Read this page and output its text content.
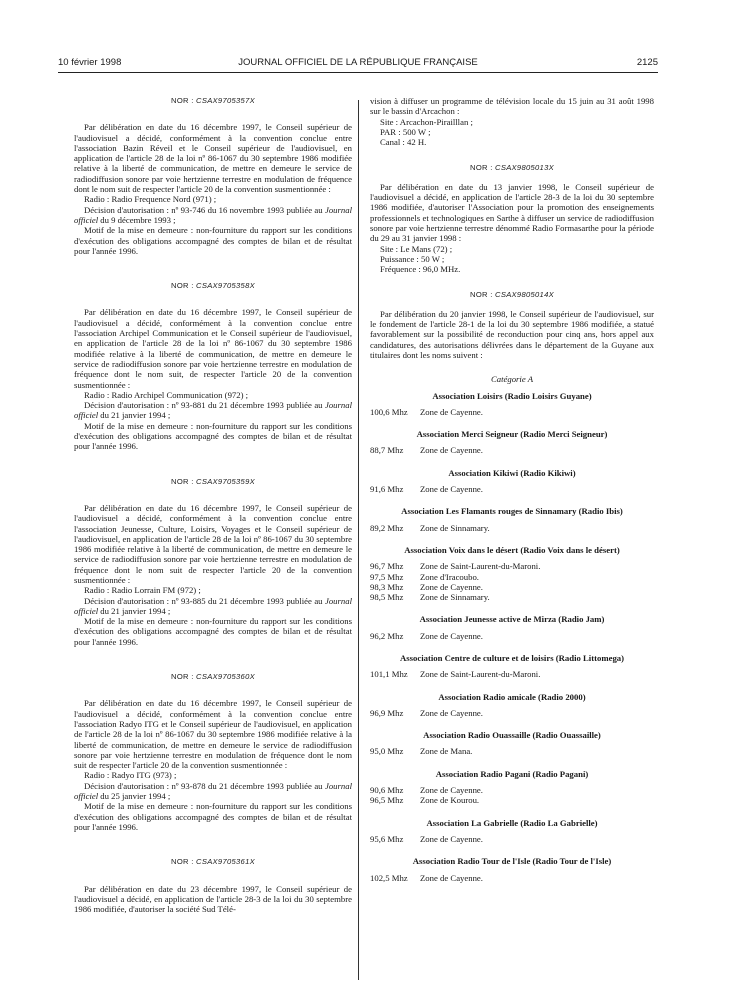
10 février 1998	JOURNAL OFFICIEL DE LA RÉPUBLIQUE FRANÇAISE	2125

NOR : CSAX9705357X

Par délibération en date du 16 décembre 1997, le Conseil supérieur de l'audiovisuel a décidé, conformément à la convention conclue entre l'association Bazin Réveil et le Conseil supérieur de l'audiovisuel, en application de l'article 28 de la loi nº 86-1067 du 30 septembre 1986 modifiée relative à la liberté de communication, de mettre en demeure le service de radiodiffusion sonore par voie hertzienne terrestre en modulation de fréquence dont le nom suit de respecter l'article 20 de la convention susmentionnée :

Radio : Radio Frequence Nord (971) ;

Décision d'autorisation : nº 93-746 du 16 novembre 1993 publiée au Journal officiel du 9 décembre 1993 ;

Motif de la mise en demeure : non-fourniture du rapport sur les conditions d'exécution des obligations accompagné des comptes de bilan et de résultat pour l'année 1996.

NOR : CSAX9705358X

Par délibération en date du 16 décembre 1997, le Conseil supérieur de l'audiovisuel a décidé, conformément à la convention conclue entre l'association Archipel Communication et le Conseil supérieur de l'audiovisuel, en application de l'article 28 de la loi nº 86-1067 du 30 septembre 1986 modifiée relative à la liberté de communication, de mettre en demeure le service de radiodiffusion sonore par voie hertzienne terrestre en modulation de fréquence dont le nom suit, de respecter l'article 20 de la convention susmentionnée :

Radio : Radio Archipel Communication (972) ;

Décision d'autorisation : nº 93-881 du 21 décembre 1993 publiée au Journal officiel du 21 janvier 1994 ;

Motif de la mise en demeure : non-fourniture du rapport sur les conditions d'exécution des obligations accompagné des comptes de bilan et de résultat pour l'année 1996.

NOR : CSAX9705359X

Par délibération en date du 16 décembre 1997, le Conseil supérieur de l'audiovisuel a décidé, conformément à la convention conclue entre l'association Jeunesse, Culture, Loisirs, Voyages et le Conseil supérieur de l'audiovisuel, en application de l'article 28 de la loi nº 86-1067 du 30 septembre 1986 modifiée relative à la liberté de communication, de mettre en demeure le service de radiodiffusion sonore par voie hertzienne terrestre en modulation de fréquence dont le nom suit de respecter l'article 20 de la convention susmentionnée :

Radio : Radio Lorrain FM (972) ;

Décision d'autorisation : nº 93-885 du 21 décembre 1993 publiée au Journal officiel du 21 janvier 1994 ;

Motif de la mise en demeure : non-fourniture du rapport sur les conditions d'exécution des obligations accompagné des comptes de bilan et de résultat pour l'année 1996.

NOR : CSAX9705360X

Par délibération en date du 16 décembre 1997, le Conseil supérieur de l'audiovisuel a décidé, conformément à la convention conclue entre l'association Radyo ITG et le Conseil supérieur de l'audiovisuel, en application de l'article 28 de la loi nº 86-1067 du 30 septembre 1986 modifiée relative à la liberté de communication, de mettre en demeure le service de radiodiffusion sonore par voie hertzienne terrestre en modulation de fréquence dont le nom suit de respecter l'article 20 de la convention susmentionnée :

Radio : Radyo ITG (973) ;

Décision d'autorisation : nº 93-878 du 21 décembre 1993 publiée au Journal officiel du 25 janvier 1994 ;

Motif de la mise en demeure : non-fourniture du rapport sur les conditions d'exécution des obligations accompagné des comptes de bilan et de résultat pour l'année 1996.

NOR : CSAX9705361X

Par délibération en date du 23 décembre 1997, le Conseil supérieur de l'audiovisuel a décidé, en application de l'article 28-3 de la loi du 30 septembre 1986 modifiée, d'autoriser la société Sud Télé-

vision à diffuser un programme de télévision locale du 15 juin au 31 août 1998 sur le bassin d'Arcachon :

Site : Arcachon-Pirailllan ;

PAR : 500 W ;

Canal : 42 H.

NOR : CSAX9805013X

Par délibération en date du 13 janvier 1998, le Conseil supérieur de l'audiovisuel a décidé, en application de l'article 28-3 de la loi du 30 septembre 1986 modifiée, d'autoriser l'Association pour la promotion des enseignements professionnels et technologiques en Sarthe à diffuser un service de radiodiffusion sonore par voie hertzienne terrestre dénommé Radio Formasarthe pour la période du 29 au 31 janvier 1998 :

Site : Le Mans (72) ;

Puissance : 50 W ;

Fréquence : 96,0 MHz.

NOR : CSAX9805014X

Par délibération du 20 janvier 1998, le Conseil supérieur de l'audiovisuel, sur le fondement de l'article 28-1 de la loi du 30 septembre 1986 modifiée, a statué favorablement sur la possibilité de reconduction pour cinq ans, hors appel aux candidatures, des autorisations délivrées dans le département de la Guyane aux titulaires dont les noms suivent :

Catégorie A

Association Loisirs (Radio Loisirs Guyane)

100,6 Mhz	Zone de Cayenne.

Association Merci Seigneur (Radio Merci Seigneur)

88,7 Mhz	Zone de Cayenne.

Association Kikiwi (Radio Kikiwi)

91,6 Mhz	Zone de Cayenne.

Association Les Flamants rouges de Sinnamary (Radio Ibis)

89,2 Mhz	Zone de Sinnamary.

Association Voix dans le désert (Radio Voix dans le désert)

96,7 Mhz	Zone de Saint-Laurent-du-Maroni.
97,5 Mhz	Zone d'Iracoubo.
98,3 Mhz	Zone de Cayenne.
98,5 Mhz	Zone de Sinnamary.

Association Jeunesse active de Mirza (Radio Jam)

96,2 Mhz	Zone de Cayenne.

Association Centre de culture et de loisirs (Radio Littomega)

101,1 Mhz	Zone de Saint-Laurent-du-Maroni.

Association Radio amicale (Radio 2000)

96,9 Mhz	Zone de Cayenne.

Association Radio Ouassaille (Radio Ouassaille)

95,0 Mhz	Zone de Mana.

Association Radio Pagani (Radio Pagani)

90,6 Mhz	Zone de Cayenne.
96,5 Mhz	Zone de Kourou.

Association La Gabrielle (Radio La Gabrielle)

95,6 Mhz	Zone de Cayenne.

Association Radio Tour de l'Isle (Radio Tour de l'Isle)

102,5 Mhz	Zone de Cayenne.
